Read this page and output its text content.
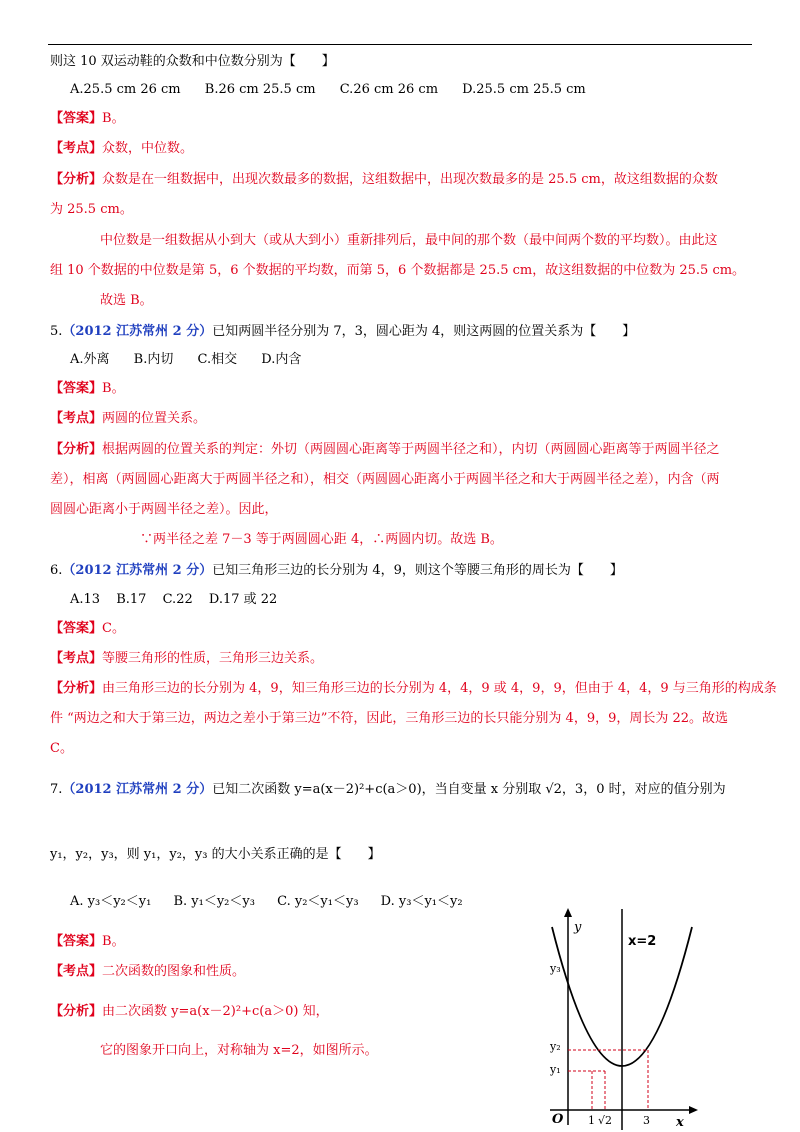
则这 10 双运动鞋的众数和中位数分别为【　　】
A.25.5 cm 26 cm B.26 cm 25.5 cm C.26 cm 26 cm D.25.5 cm 25.5 cm
【答案】B。
【考点】众数，中位数。
【分析】众数是在一组数据中，出现次数最多的数据，这组数据中，出现次数最多的是 25.5 cm，故这组数据的众数
为 25.5 cm。
中位数是一组数据从小到大（或从大到小）重新排列后，最中间的那个数（最中间两个数的平均数）。由此这
组 10 个数据的中位数是第 5，6 个数据的平均数，而第 5，6 个数据都是 25.5 cm，故这组数据的中位数为 25.5 cm。
故选 B。
5.（2012 江苏常州 2 分）已知两圆半径分别为 7，3，圆心距为 4，则这两圆的位置关系为【　　】
A.外离 B.内切 C.相交 D.内含
【答案】B。
【考点】两圆的位置关系。
【分析】根据两圆的位置关系的判定：外切（两圆圆心距离等于两圆半径之和），内切（两圆圆心距离等于两圆半径之
差），相离（两圆圆心距离大于两圆半径之和），相交（两圆圆心距离小于两圆半径之和大于两圆半径之差），内含（两
圆圆心距离小于两圆半径之差）。因此，
∵两半径之差 7－3 等于两圆圆心距 4，∴两圆内切。故选 B。
6.（2012 江苏常州 2 分）已知三角形三边的长分别为 4，9，则这个等腰三角形的周长为【　　】
A.13 B.17 C.22 D.17 或 22
【答案】C。
【考点】等腰三角形的性质，三角形三边关系。
【分析】由三角形三边的长分别为 4，9，知三角形三边的长分别为 4，4，9 或 4，9，9，但由于 4，4，9 与三角形的构成条
件 “两边之和大于第三边，两边之差小于第三边”不符，因此，三角形三边的长只能分别为 4，9，9，周长为 22。故选
C。
7.（2012 江苏常州 2 分）已知二次函数 y=a(x－2)²+c(a＞0)，当自变量 x 分别取 √2，3，0 时，对应的值分别为
y₁，y₂，y₃，则 y₁，y₂，y₃ 的大小关系正确的是【　　】
A. y₃＜y₂＜y₁ B. y₁＜y₂＜y₃ C. y₂＜y₁＜y₃ D. y₃＜y₁＜y₂
【答案】B。
【考点】二次函数的图象和性质。
【分析】由二次函数 y=a(x－2)²+c(a＞0) 知，
它的图象开口向上，对称轴为 x=2，如图所示。
y
x=2
y₃
y₂
y₁
O 1 √2	3 x
